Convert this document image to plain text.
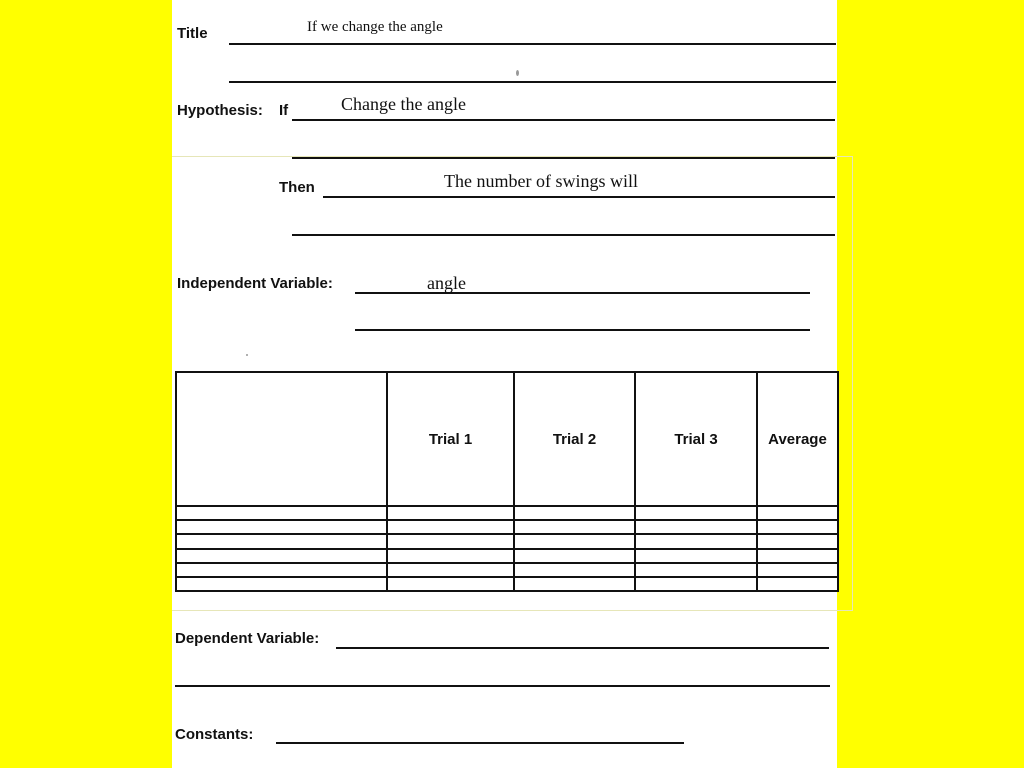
Title	If we change the angle
Hypothesis: If	Change the angle
Then	The number of swings will
Independent Variable:	angle
	Trial 1	Trial 2	Trial 3	Average

Dependent Variable:
Constants:
